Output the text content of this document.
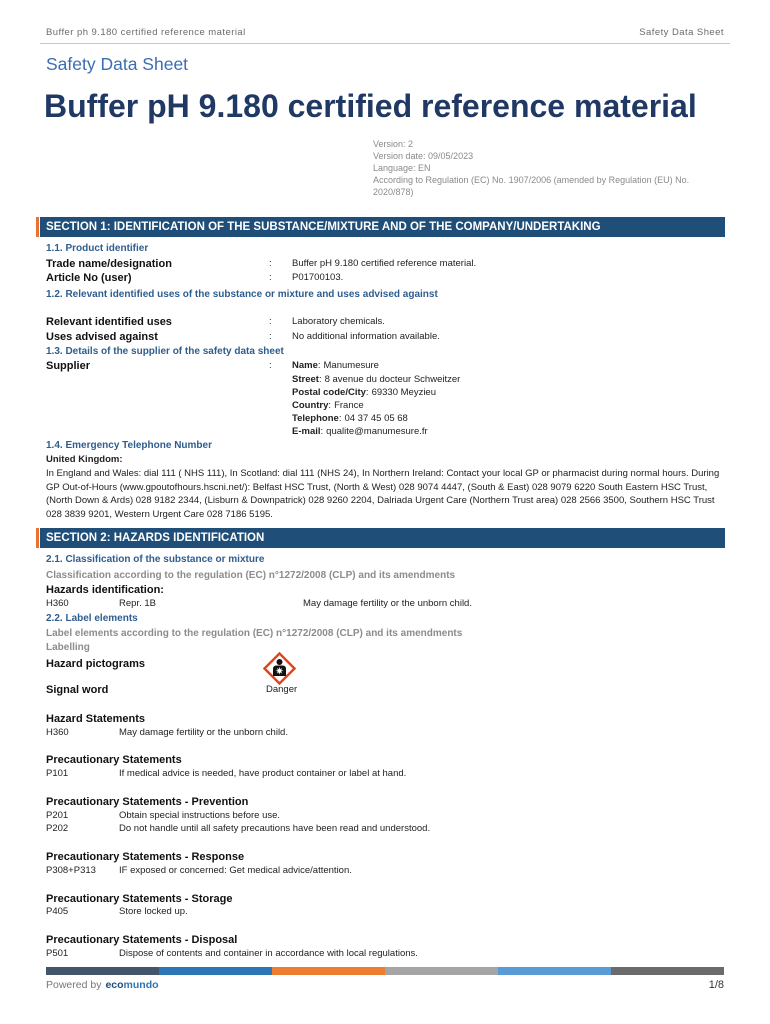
Buffer ph 9.180 certified reference material	Safety Data Sheet
Safety Data Sheet
Buffer pH 9.180 certified reference material
Version: 2
Version date: 09/05/2023
Language: EN
According to Regulation (EC) No. 1907/2006 (amended by Regulation (EU) No. 2020/878)
SECTION 1: IDENTIFICATION OF THE SUBSTANCE/MIXTURE AND OF THE COMPANY/UNDERTAKING
1.1. Product identifier
Trade name/designation	: Buffer pH 9.180 certified reference material.
Article No (user)	: P01700103.
1.2. Relevant identified uses of the substance or mixture and uses advised against
Relevant identified uses	: Laboratory chemicals.
Uses advised against	: No additional information available.
1.3. Details of the supplier of the safety data sheet
Supplier	: Name: Manumesure
Street: 8 avenue du docteur Schweitzer
Postal code/City: 69330 Meyzieu
Country: France
Telephone: 04 37 45 05 68
E-mail: qualite@manumesure.fr
1.4. Emergency Telephone Number
United Kingdom:
In England and Wales: dial 111 ( NHS 111), In Scotland: dial 111 (NHS 24), In Northern Ireland: Contact your local GP or pharmacist during normal hours. During GP Out-of-Hours (www.gpoutofhours.hscni.net/): Belfast HSC Trust, (North & West) 028 9074 4447, (South & East) 028 9079 6220 South Eastern HSC Trust, (North Down & Ards) 028 9182 2344, (Lisburn & Downpatrick) 028 9260 2204, Dalriada Urgent Care (Northern Trust area) 028 2566 3500, Southern HSC Trust 028 3839 9201, Western Urgent Care 028 7186 5195.
SECTION 2: HAZARDS IDENTIFICATION
2.1. Classification of the substance or mixture
Classification according to the regulation (EC) n°1272/2008 (CLP) and its amendments
Hazards identification:
H360	Repr. 1B	May damage fertility or the unborn child.
2.2. Label elements
Label elements according to the regulation (EC) n°1272/2008 (CLP) and its amendments
Labelling
Hazard pictograms
Signal word	Danger
Hazard Statements
H360	May damage fertility or the unborn child.
Precautionary Statements
P101	If medical advice is needed, have product container or label at hand.
Precautionary Statements - Prevention
P201	Obtain special instructions before use.
P202	Do not handle until all safety precautions have been read and understood.
Precautionary Statements - Response
P308+P313 IF exposed or concerned: Get medical advice/attention.
Precautionary Statements - Storage
P405	Store locked up.
Precautionary Statements - Disposal
P501	Dispose of contents and container in accordance with local regulations.
Powered by ecomundo	1/8
